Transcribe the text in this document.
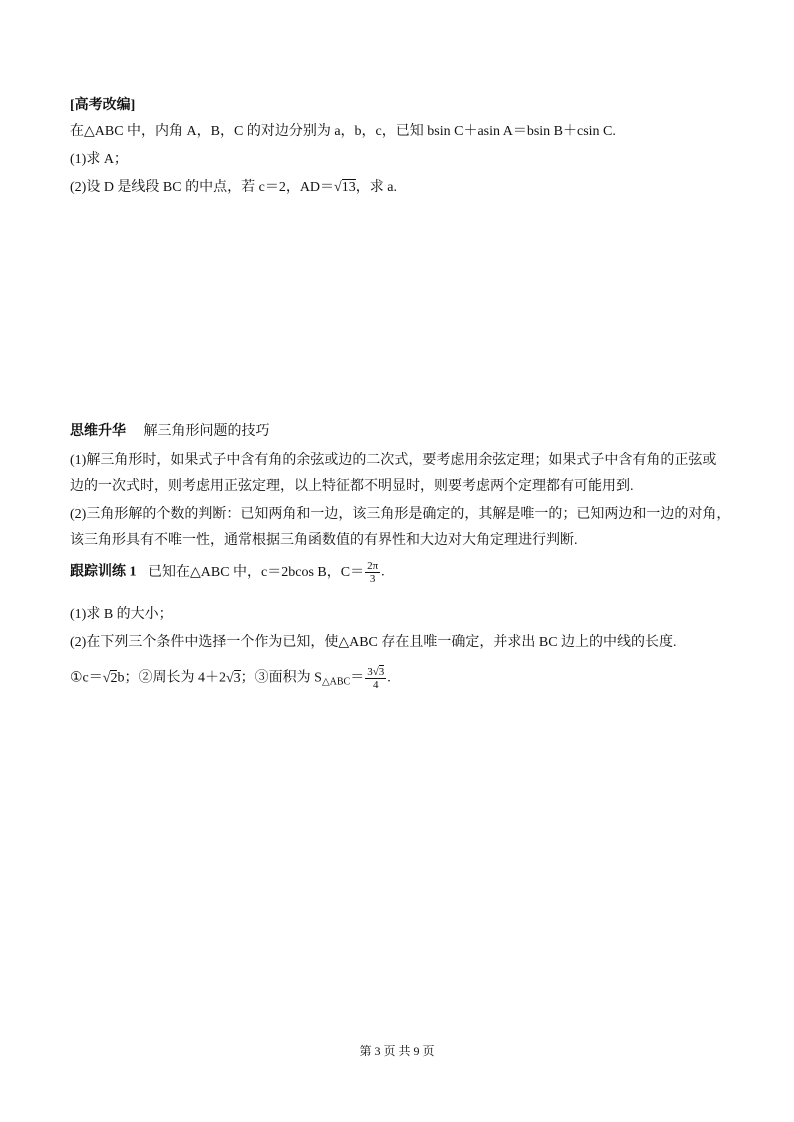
[高考改编]
在△ABC 中，内角 A，B，C 的对边分别为 a，b，c，已知 bsin C＋asin A＝bsin B＋csin C.
(1)求 A；
(2)设 D 是线段 BC 的中点，若 c＝2，AD＝√13，求 a.
思维升华 解三角形问题的技巧
(1)解三角形时，如果式子中含有角的余弦或边的二次式，要考虑用余弦定理；如果式子中含有角的正弦或
边的一次式时，则考虑用正弦定理，以上特征都不明显时，则要考虑两个定理都有可能用到.
(2)三角形解的个数的判断：已知两角和一边，该三角形是确定的，其解是唯一的；已知两边和一边的对角，
该三角形具有不唯一性，通常根据三角函数值的有界性和大边对大角定理进行判断.
跟踪训练 1 已知在△ABC 中，c＝2bcos B，$C= \frac{2\pi}{3}$ .
(1)求 B 的大小；
(2)在下列三个条件中选择一个作为已知，使△ABC 存在且唯一确定，并求出 BC 边上的中线的长度.
①c＝√2b；②周长为 4＋2√3；③面积为 $S_{\triangle ABC}= \frac{3√3}{4}$ .
第 3 页 共 9 页
